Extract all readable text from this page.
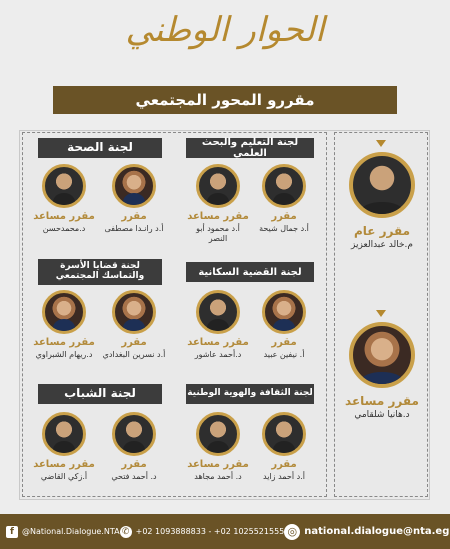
الحوار الوطني
مقررو المحور المجتمعي
مقرر عام
م.خالد عبدالعزيز
مقرر مساعد
د.هانيا شلقامي
لجنة التعليم والبحث العلمي
لجنة الصحة
مقرر
أ.د جمال شيحة
مقرر مساعد
أ.د محمود أبو النصر
مقرر
أ.د رانـدا مصطفى
مقرر مساعد
د.محمدحسن
لجنة القضية السكانية
لجنة قضايا الأسرة والتماسك المجتمعي
مقرر
أ. نيفين عبيد
مقرر مساعد
د.أحمد عاشور
مقرر
أ.د نسرين البغدادي
مقرر مساعد
د.ريهام الشبراوي
لجنة الثقافة والهوية الوطنية
لجنة الشباب
مقرر
أ.د أحمد زايد
مقرر مساعد
د. أحمد مجاهد
مقرر
د. أحمد فتحي
مقرر مساعد
أ.زكي القاضي
f	@National.Dialogue.NTA ✆ +02 1093888833 - +02 1025521555 ◎ national.dialogue@nta.eg
